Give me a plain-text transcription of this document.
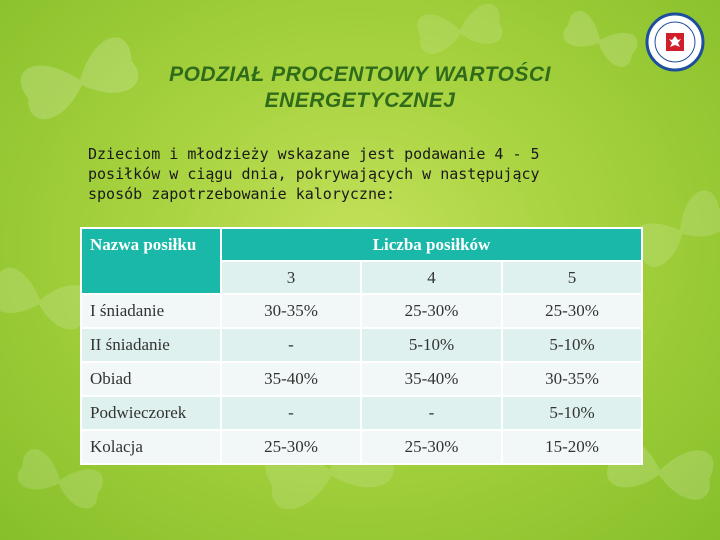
PODZIAŁ PROCENTOWY WARTOŚCI
ENERGETYCZNEJ
Dzieciom i młodzieży wskazane jest podawanie 4 - 5
posiłków w ciągu dnia, pokrywających w następujący
sposób zapotrzebowanie kaloryczne:
Nazwa posiłku	Liczba posiłków		
	3	4	5
I śniadanie	30-35%	25-30%	25-30%
II śniadanie	-	5-10%	5-10%
Obiad	35-40%	35-40%	30-35%
Podwieczorek	-	-	5-10%
Kolacja	25-30%	25-30%	15-20%
